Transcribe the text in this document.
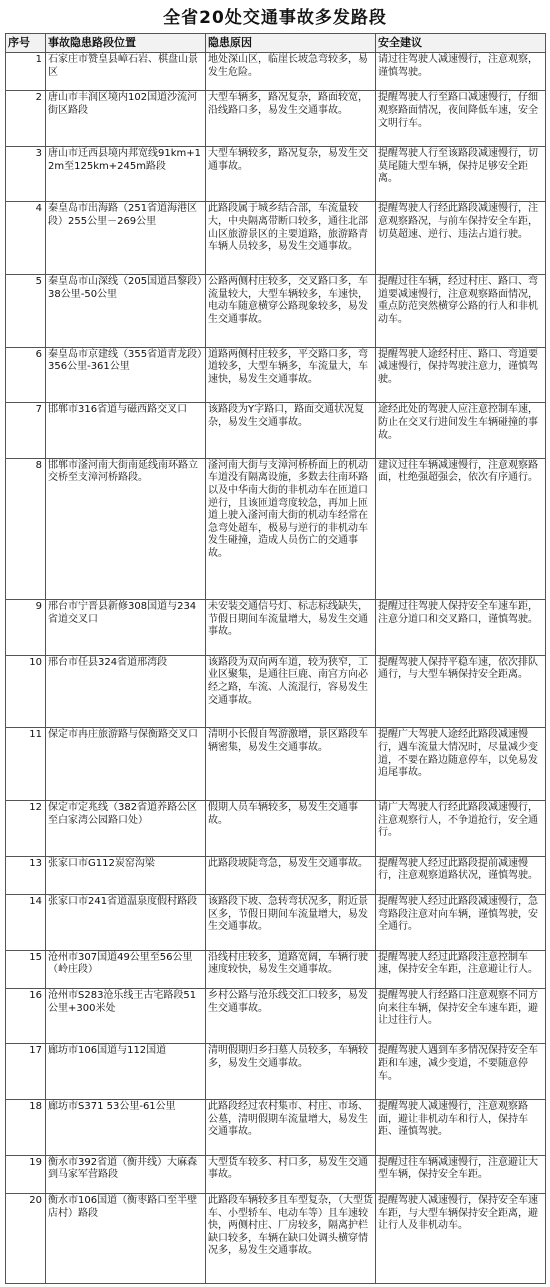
全省20处交通事故多发路段
序号	事故隐患路段位置	隐患原因	安全建议
1	石家庄市赞皇县嶂石岩、棋盘山景区	地处深山区，临崖长坡急弯较多，易发生危险。	请过往驾驶人减速慢行，注意观察，谨慎驾驶。
2	唐山市丰润区境内102国道沙流河街区路段	大型车辆多，路况复杂，路面较宽，沿线路口多，易发生交通事故。	提醒驾驶人行至路口减速慢行，仔细观察路面情况，夜间降低车速，安全文明行车。
3	唐山市迁西县境内邦宽线91km+12m至125km+245m路段	大型车辆较多，路况复杂，易发生交通事故。	提醒驾驶人行至该路段减速慢行，切莫尾随大型车辆，保持足够安全距离。
4	秦皇岛市出海路（251省道海港区段）255公里－269公里	此路段属于城乡结合部，车流量较大，中央隔离带断口较多，通往北部山区旅游景区的主要道路，旅游路青车辆人员较多，易发生交通事故。	提醒驾驶人行经此路段减速慢行，注意观察路况，与前车保持安全车距，切莫超速、逆行、违法占道行驶。
5	秦皇岛市山深线（205国道昌黎段）38公里-50公里	公路两侧村庄较多，交叉路口多，车流量较大，大型车辆较多，车速快，电动车随意横穿公路现象较多，易发生交通事故。	提醒过往车辆，经过村庄、路口、弯道要减速慢行，注意观察路面情况，重点防范突然横穿公路的行人和非机动车。
6	秦皇岛市京建线（355省道青龙段）356公里-361公里	道路两侧村庄较多，平交路口多，弯道较多，大型车辆多，车流量大，车速快，易发生交通事故。	提醒驾驶人途经村庄、路口、弯道要减速慢行，保持驾驶注意力，谨慎驾驶。
7	邯郸市316省道与磁西路交叉口	该路段为Y字路口，路面交通状况复杂，易发生交通事故。	途经此处的驾驶人应注意控制车速，防止在交叉行进间发生车辆碰撞的事故。
8	邯郸市滏河南大街南延线南环路立交桥至支漳河桥路段。	滏河南大街与支漳河桥桥面上的机动车道没有隔离设施，多数去往南环路以及中华南大街的非机动车在匝道口逆行，且该匝道弯度较急，再加上匝道上驶入滏河南大街的机动车经常在急弯处超车，极易与逆行的非机动车发生碰撞，造成人员伤亡的交通事故。	建议过往车辆减速慢行，注意观察路面，杜绝强超强会，依次有序通行。
9	邢台市宁晋县新修308国道与234省道交叉口	未安装交通信号灯、标志标线缺失，节假日期间车流量增大，易发生交通事故。	提醒过往驾驶人保持安全车速车距，注意分道口和交叉路口，谨慎驾驶。
10	邢台市任县324省道邢湾段	该路段为双向两车道，较为狭窄，工业区聚集，是通往巨鹿、南宫方向必经之路，车流、人流混行，容易发生交通事故。	提醒驾驶人保持平稳车速，依次排队通行，与大型车辆保持安全距离。
11	保定市冉庄旅游路与保衡路交叉口	清明小长假自驾游激增，景区路段车辆密集，易发生交通事故。	提醒广大驾驶人途经此路段减速慢行，遇车流量大情况时，尽量减少变道，不要在路边随意停车，以免易发追尾事故。
12	保定市定兆线（382省道养路公区至白家湾公园路口处）	假期人员车辆较多，易发生交通事故。	请广大驾驶人行经此路段减速慢行，注意观察行人，不争道抢行，安全通行。
13	张家口市G112炭窑沟梁	此路段坡陡弯急，易发生交通事故。	提醒驾驶人经过此路段提前减速慢行，注意观察道路状况，谨慎驾驶。
14	张家口市241省道温泉度假村路段	该路段下坡、急转弯状况多，附近景区多，节假日期间车流量增大，易发生交通事故。	提醒驾驶人经过此路段减速慢行，急弯路段注意对向车辆，谨慎驾驶，安全通行。
15	沧州市307国道49公里至56公里（岭庄段）	沿线村庄较多，道路宽阔，车辆行驶速度较快，易发生交通事故。	提醒驾驶人经过此路段注意控制车速，保持安全车距，注意避让行人。
16	沧州市S283沧乐线王古宅路段51公里+300米处	乡村公路与沧乐线交汇口较多，易发生交通事故。	提醒驾驶人行经路口注意观察不同方向来往车辆，保持安全车速车距，避让过往行人。
17	廊坊市106国道与112国道	清明假期归乡扫墓人员较多，车辆较多，易发生交通事故。	提醒驾驶人遇到车多情况保持安全车距和车速，减少变道，不要随意停车。
18	廊坊市S371 53公里-61公里	此路段经过农村集市、村庄、市场、公墓，清明假期车流量增大，易发生交通事故。	提醒驾驶人减速慢行，注意观察路面，避让非机动车和行人，保持车距、谨慎驾驶。
19	衡水市392省道（衡井线）大麻森到马家军营路段	大型货车较多、村口多，易发生交通事故。	提醒过往车辆减速慢行，注意避让大型车辆，保持安全车距。
20	衡水市106国道（衡枣路口至半壁店村）路段	此路段车辆较多且车型复杂，（大型货车、小型轿车、电动车等）且车速较快，两侧村庄、厂房较多，隔离护栏缺口较多，车辆在缺口处调头横穿情况多，易发生交通事故。	提醒驾驶人减速慢行，保持安全车速车距，与大型车辆保持安全距离，避让行人及非机动车。
